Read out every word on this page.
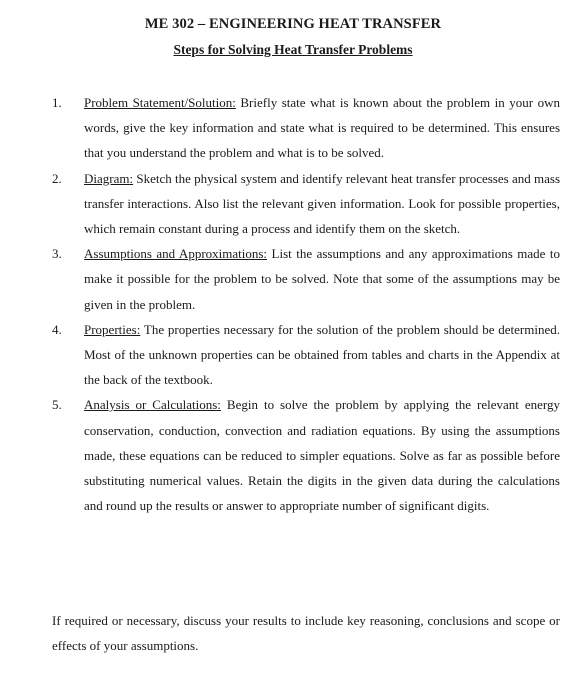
ME 302 – ENGINEERING HEAT TRANSFER
Steps for Solving Heat Transfer Problems
1. Problem Statement/Solution: Briefly state what is known about the problem in your own words, give the key information and state what is required to be determined. This ensures that you understand the problem and what is to be solved.
2. Diagram: Sketch the physical system and identify relevant heat transfer processes and mass transfer interactions. Also list the relevant given information. Look for possible properties, which remain constant during a process and identify them on the sketch.
3. Assumptions and Approximations: List the assumptions and any approximations made to make it possible for the problem to be solved. Note that some of the assumptions may be given in the problem.
4. Properties: The properties necessary for the solution of the problem should be determined. Most of the unknown properties can be obtained from tables and charts in the Appendix at the back of the textbook.
5. Analysis or Calculations: Begin to solve the problem by applying the relevant energy conservation, conduction, convection and radiation equations. By using the assumptions made, these equations can be reduced to simpler equations. Solve as far as possible before substituting numerical values. Retain the digits in the given data during the calculations and round up the results or answer to appropriate number of significant digits.

If required or necessary, discuss your results to include key reasoning, conclusions and scope or effects of your assumptions.
